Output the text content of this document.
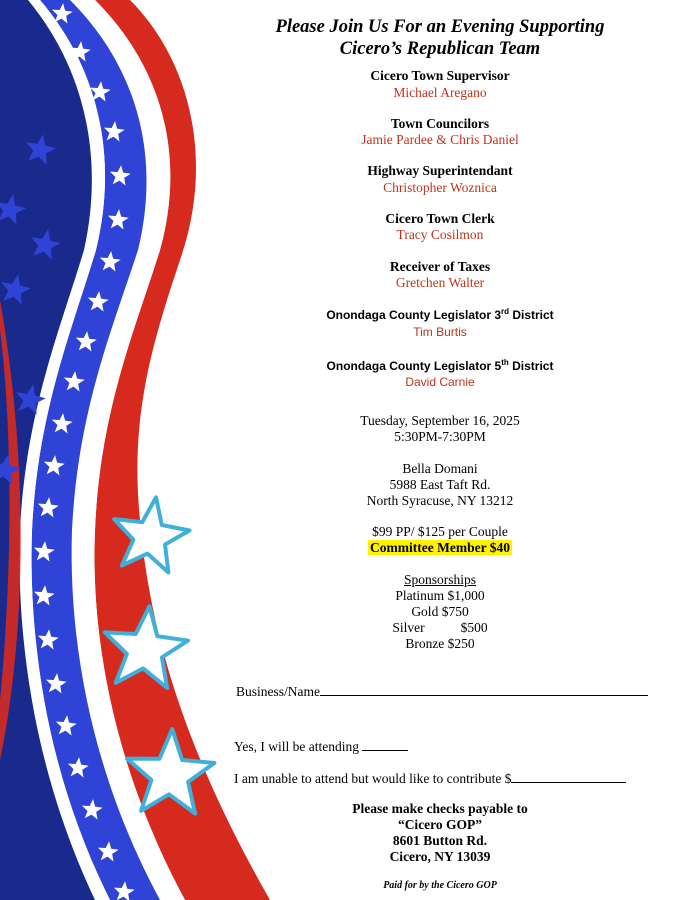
Please Join Us For an Evening Supporting
Cicero’s Republican Team
Cicero Town Supervisor
Michael Aregano
Town Councilors
Jamie Pardee & Chris Daniel
Highway Superintendant
Christopher Woznica
Cicero Town Clerk
Tracy Cosilmon
Receiver of Taxes
Gretchen Walter
Onondaga County Legislator 3rd District
Tim Burtis
Onondaga County Legislator 5th District
David Carnie
Tuesday, September 16, 2025
5:30PM-7:30PM
Bella Domani
5988 East Taft Rd.
North Syracuse, NY 13212
$99 PP/ $125 per Couple
Committee Member $40
Sponsorships
Platinum $1,000
Gold $750
Silver	$500
Bronze $250
Business/Name
Yes, I will be attending
I am unable to attend but would like to contribute $
Please make checks payable to
“Cicero GOP”
8601 Button Rd.
Cicero, NY 13039
Paid for by the Cicero GOP
